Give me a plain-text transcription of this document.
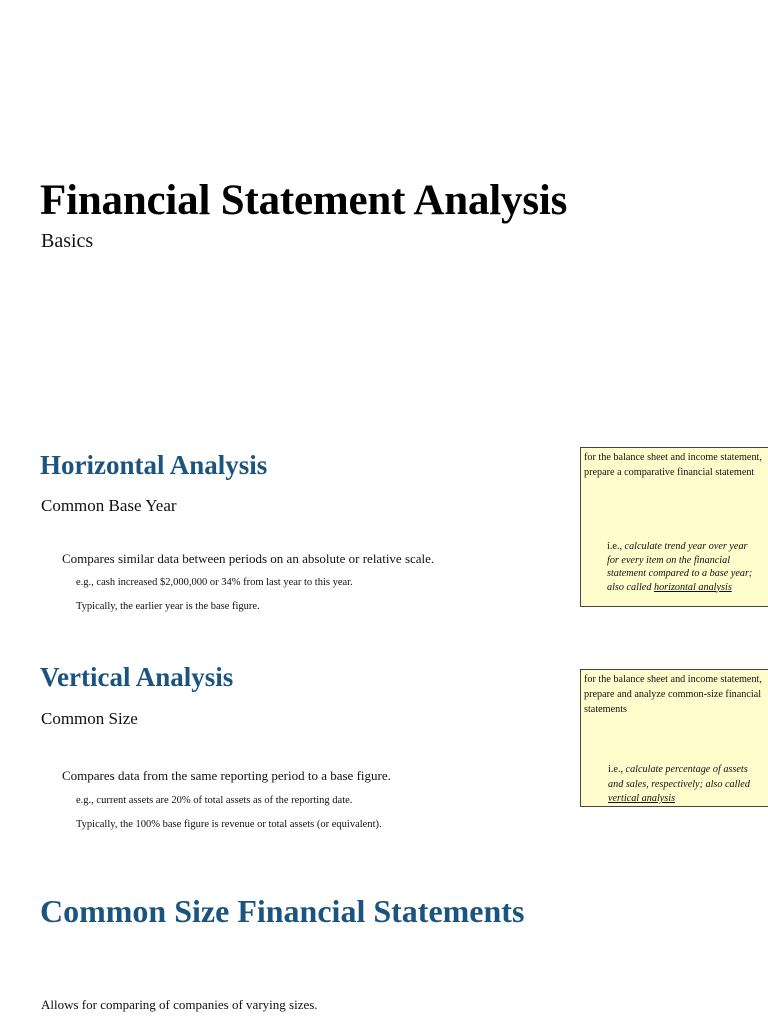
Financial Statement Analysis
Basics
Horizontal Analysis
Common Base Year
Compares similar data between periods on an absolute or relative scale.
e.g., cash increased $2,000,000 or 34% from last year to this year.
Typically, the earlier year is the base figure.
for the balance sheet and income statement, prepare a comparative financial statement
i.e., calculate trend year over year for every item on the financial statement compared to a base year; also called horizontal analysis
Vertical Analysis
Common Size
Compares data from the same reporting period to a base figure.
e.g., current assets are 20% of total assets as of the reporting date.
Typically, the 100% base figure is revenue or total assets (or equivalent).
for the balance sheet and income statement, prepare and analyze common-size financial statements
i.e., calculate percentage of assets and sales, respectively; also called vertical analysis
Common Size Financial Statements
Allows for comparing of companies of varying sizes.
